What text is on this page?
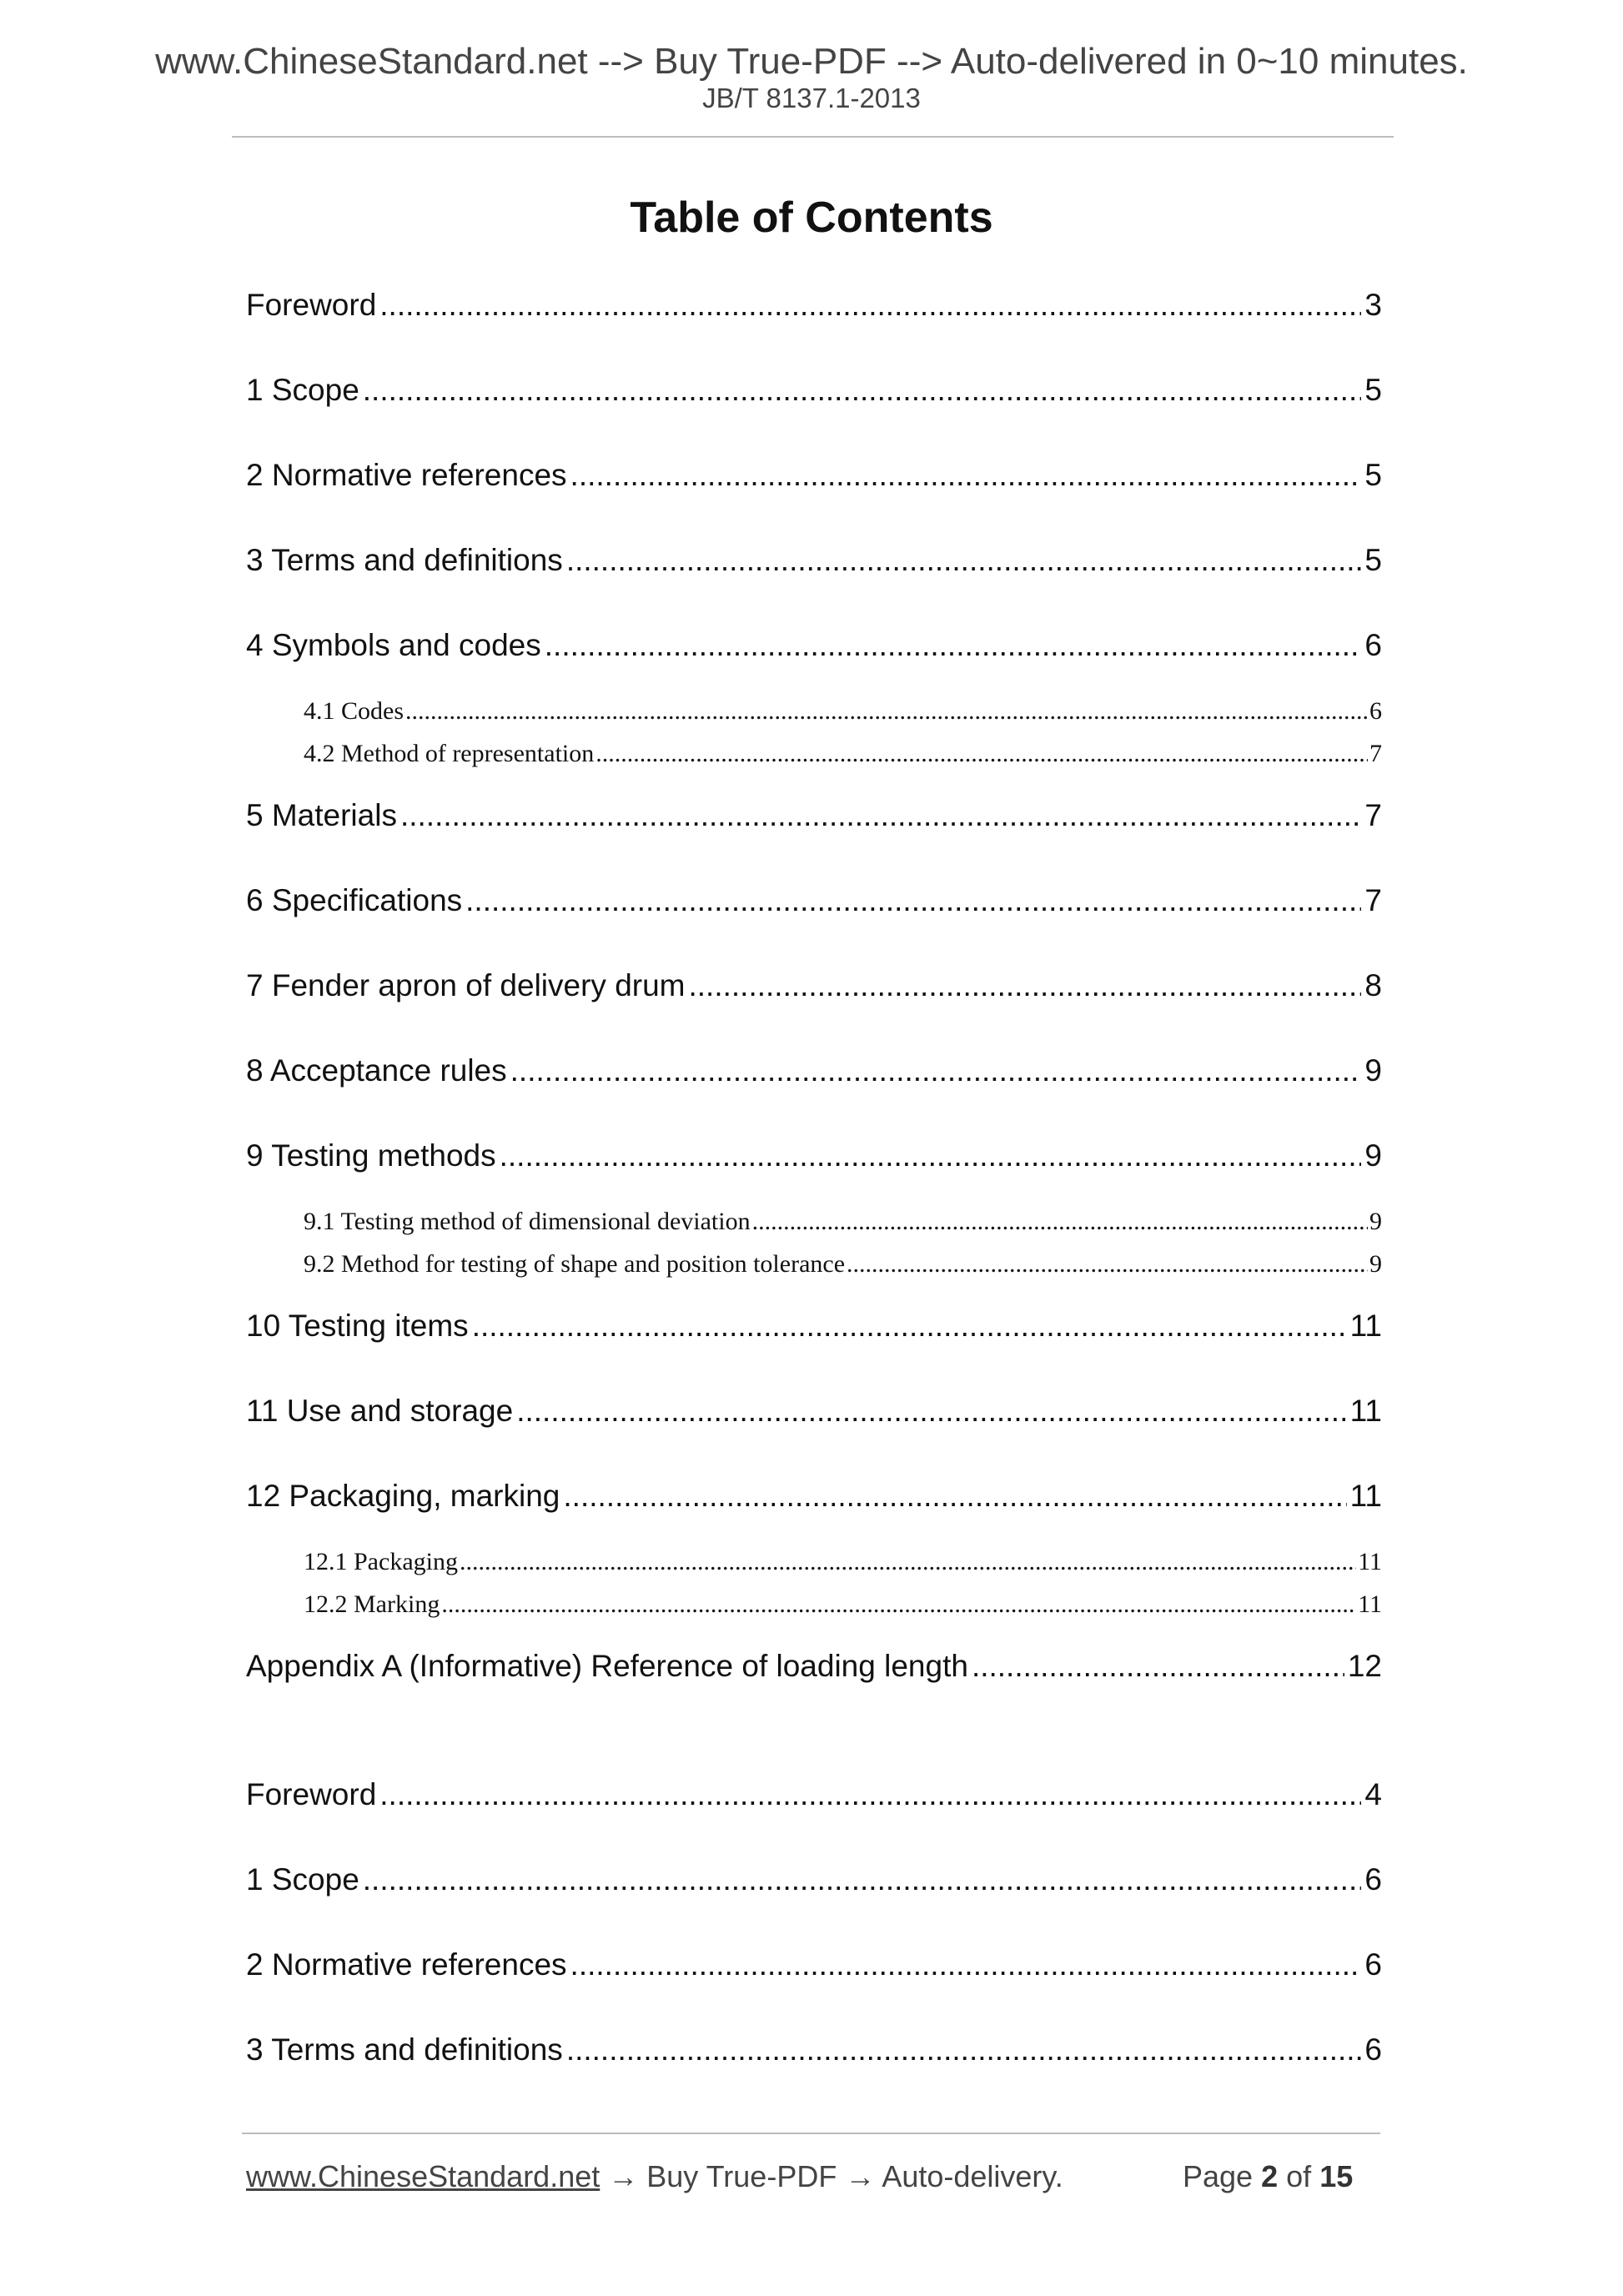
www.ChineseStandard.net --> Buy True-PDF --> Auto-delivered in 0~10 minutes.
JB/T 8137.1-2013
Table of Contents
Foreword .....	3
1 Scope .....	5
2 Normative references .....	5
3 Terms and definitions .....	5
4 Symbols and codes .....	6
4.1 Codes .....	6
4.2 Method of representation .....	7
5 Materials .....	7
6 Specifications .....	7
7 Fender apron of delivery drum .....	8
8 Acceptance rules .....	9
9 Testing methods .....	9
9.1 Testing method of dimensional deviation .....	9
9.2 Method for testing of shape and position tolerance .....	9
10 Testing items .....	11
11 Use and storage .....	11
12 Packaging, marking .....	11
12.1 Packaging .....	11
12.2 Marking .....	11
Appendix A (Informative) Reference of loading length .....	12
Foreword .....	4
1 Scope .....	6
2 Normative references .....	6
3 Terms and definitions .....	6
www.ChineseStandard.net → Buy True-PDF → Auto-delivery.	Page 2 of 15
